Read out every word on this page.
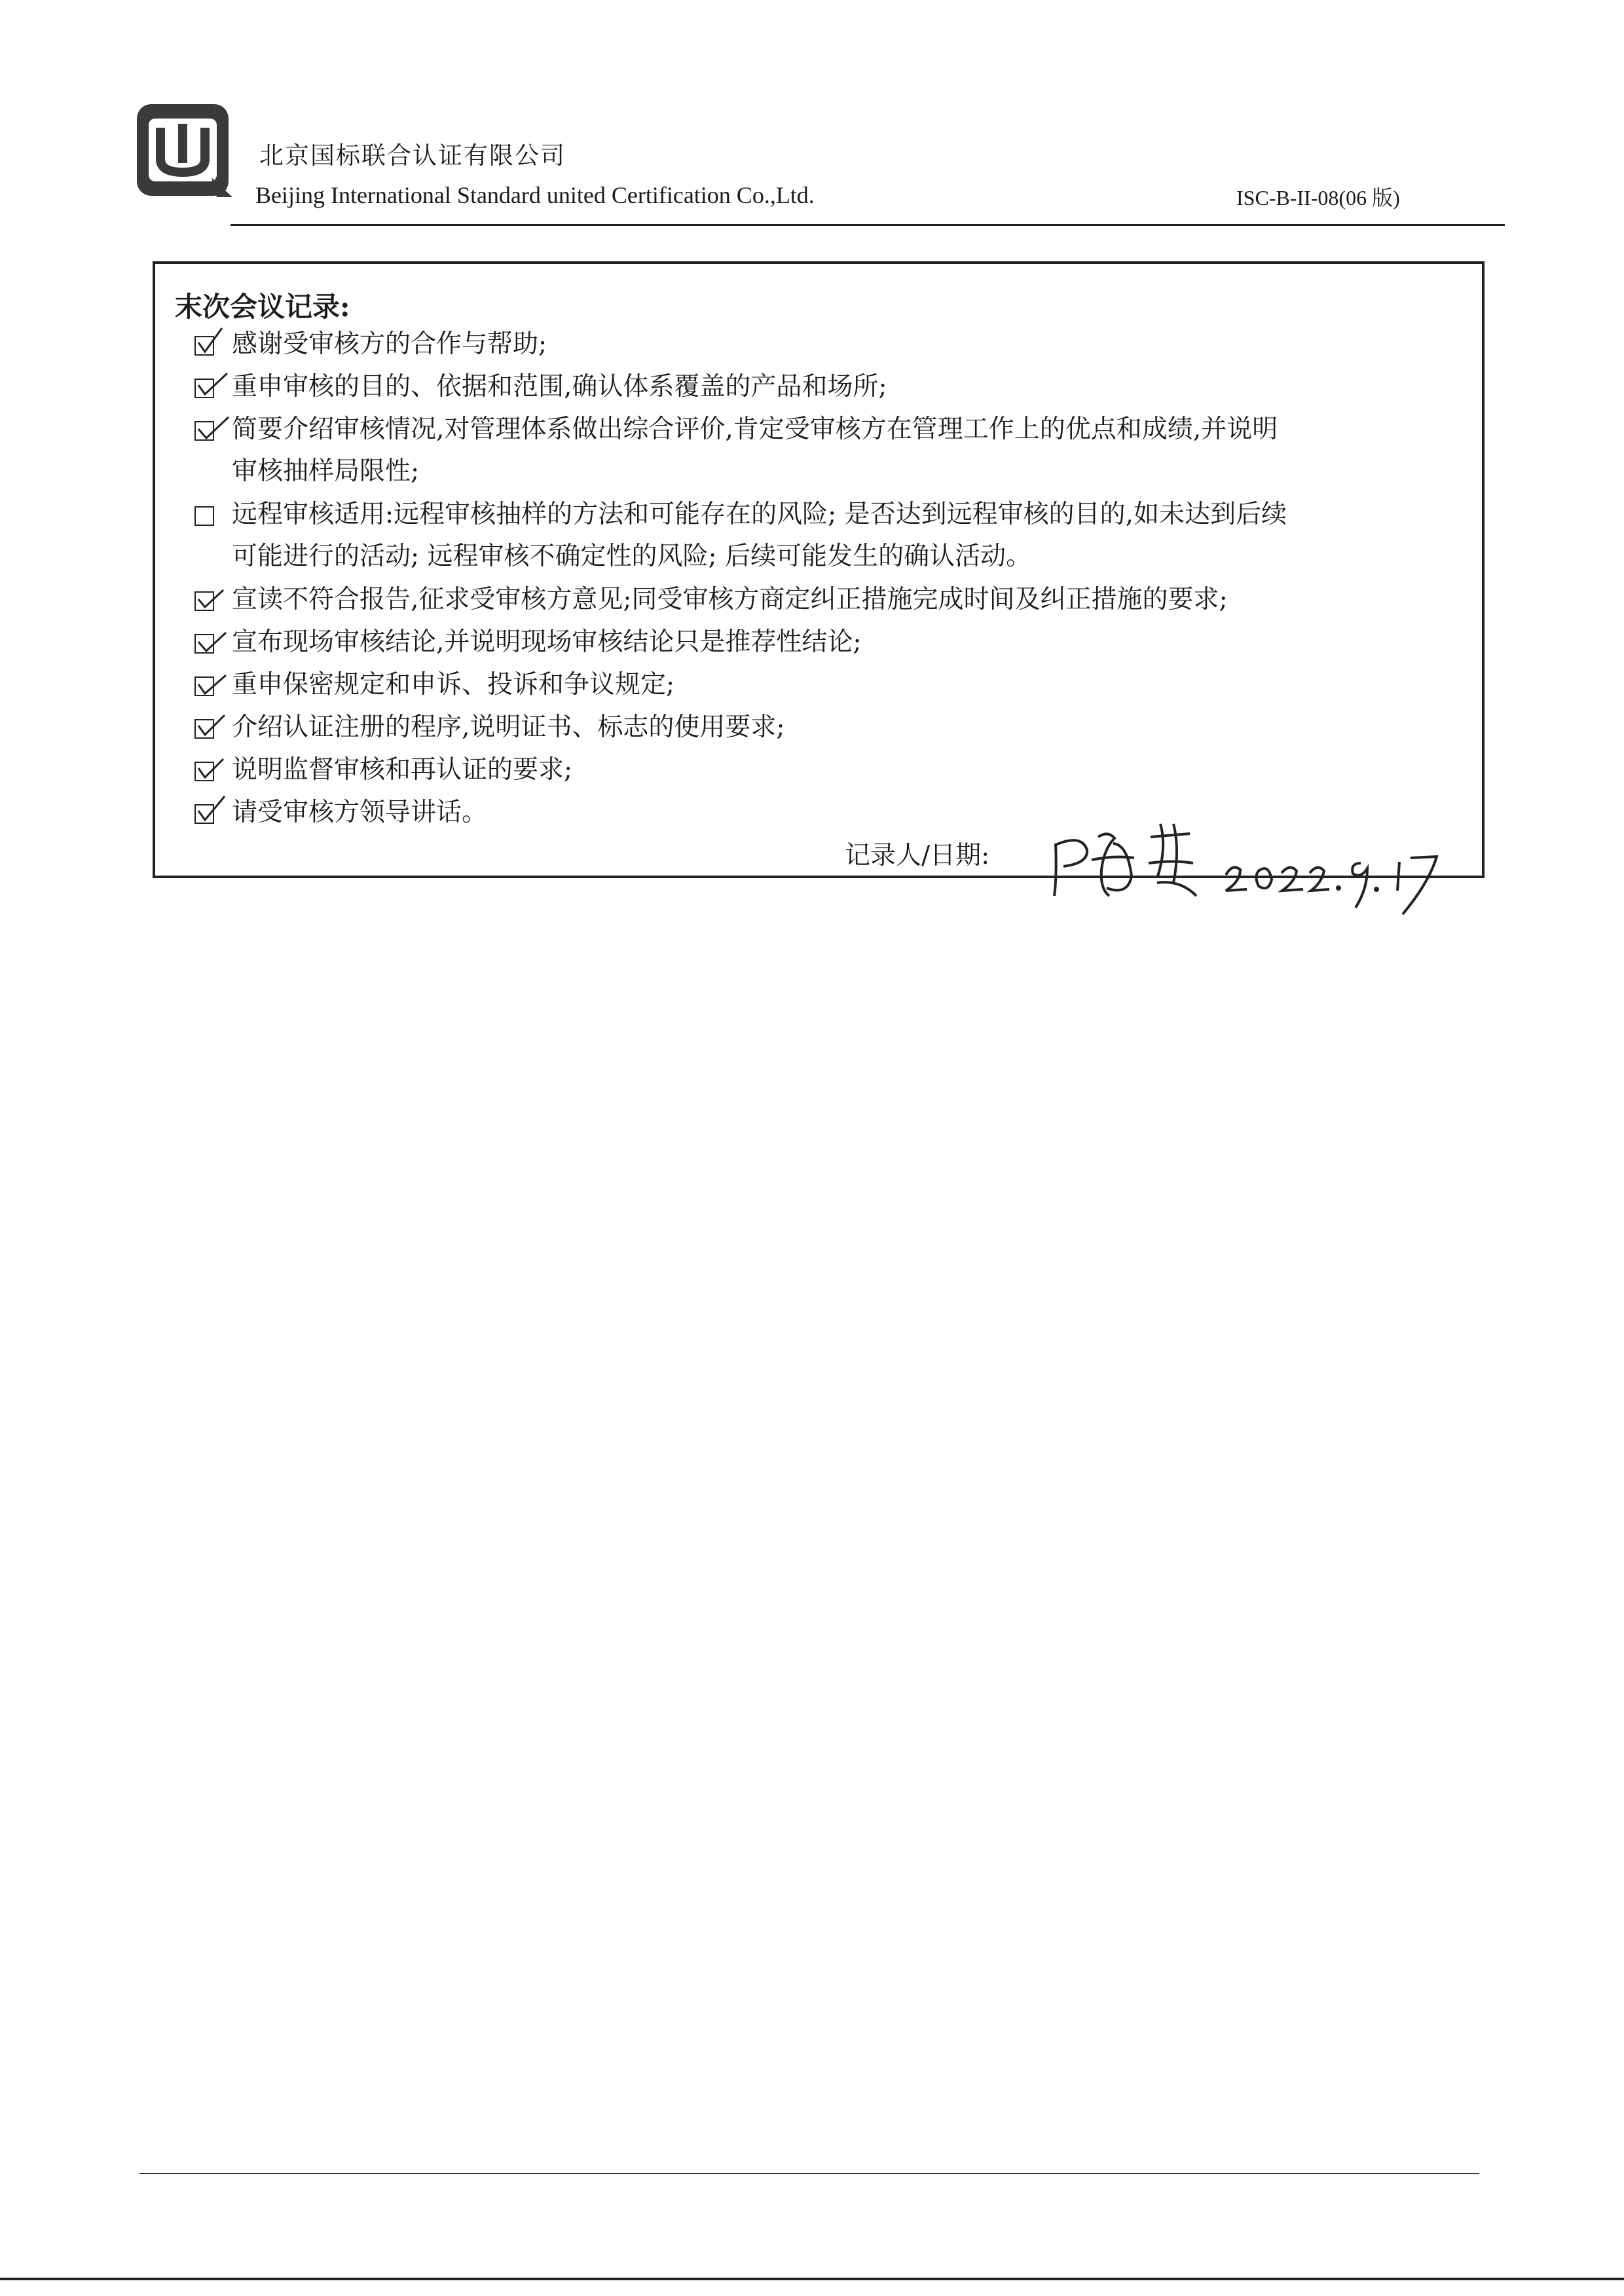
北京国标联合认证有限公司
Beijing International Standard united Certification Co.,Ltd.	ISC-B-II-08(06 版)
末次会议记录:
感谢受审核方的合作与帮助;
重申审核的目的、依据和范围,确认体系覆盖的产品和场所;
简要介绍审核情况,对管理体系做出综合评价,肯定受审核方在管理工作上的优点和成绩,并说明
审核抽样局限性;
远程审核适用:远程审核抽样的方法和可能存在的风险; 是否达到远程审核的目的,如未达到后续
可能进行的活动; 远程审核不确定性的风险; 后续可能发生的确认活动。
宣读不符合报告,征求受审核方意见;同受审核方商定纠正措施完成时间及纠正措施的要求;
宣布现场审核结论,并说明现场审核结论只是推荐性结论;
重申保密规定和申诉、投诉和争议规定;
介绍认证注册的程序,说明证书、标志的使用要求;
说明监督审核和再认证的要求;
请受审核方领导讲话。
记录人/日期:
